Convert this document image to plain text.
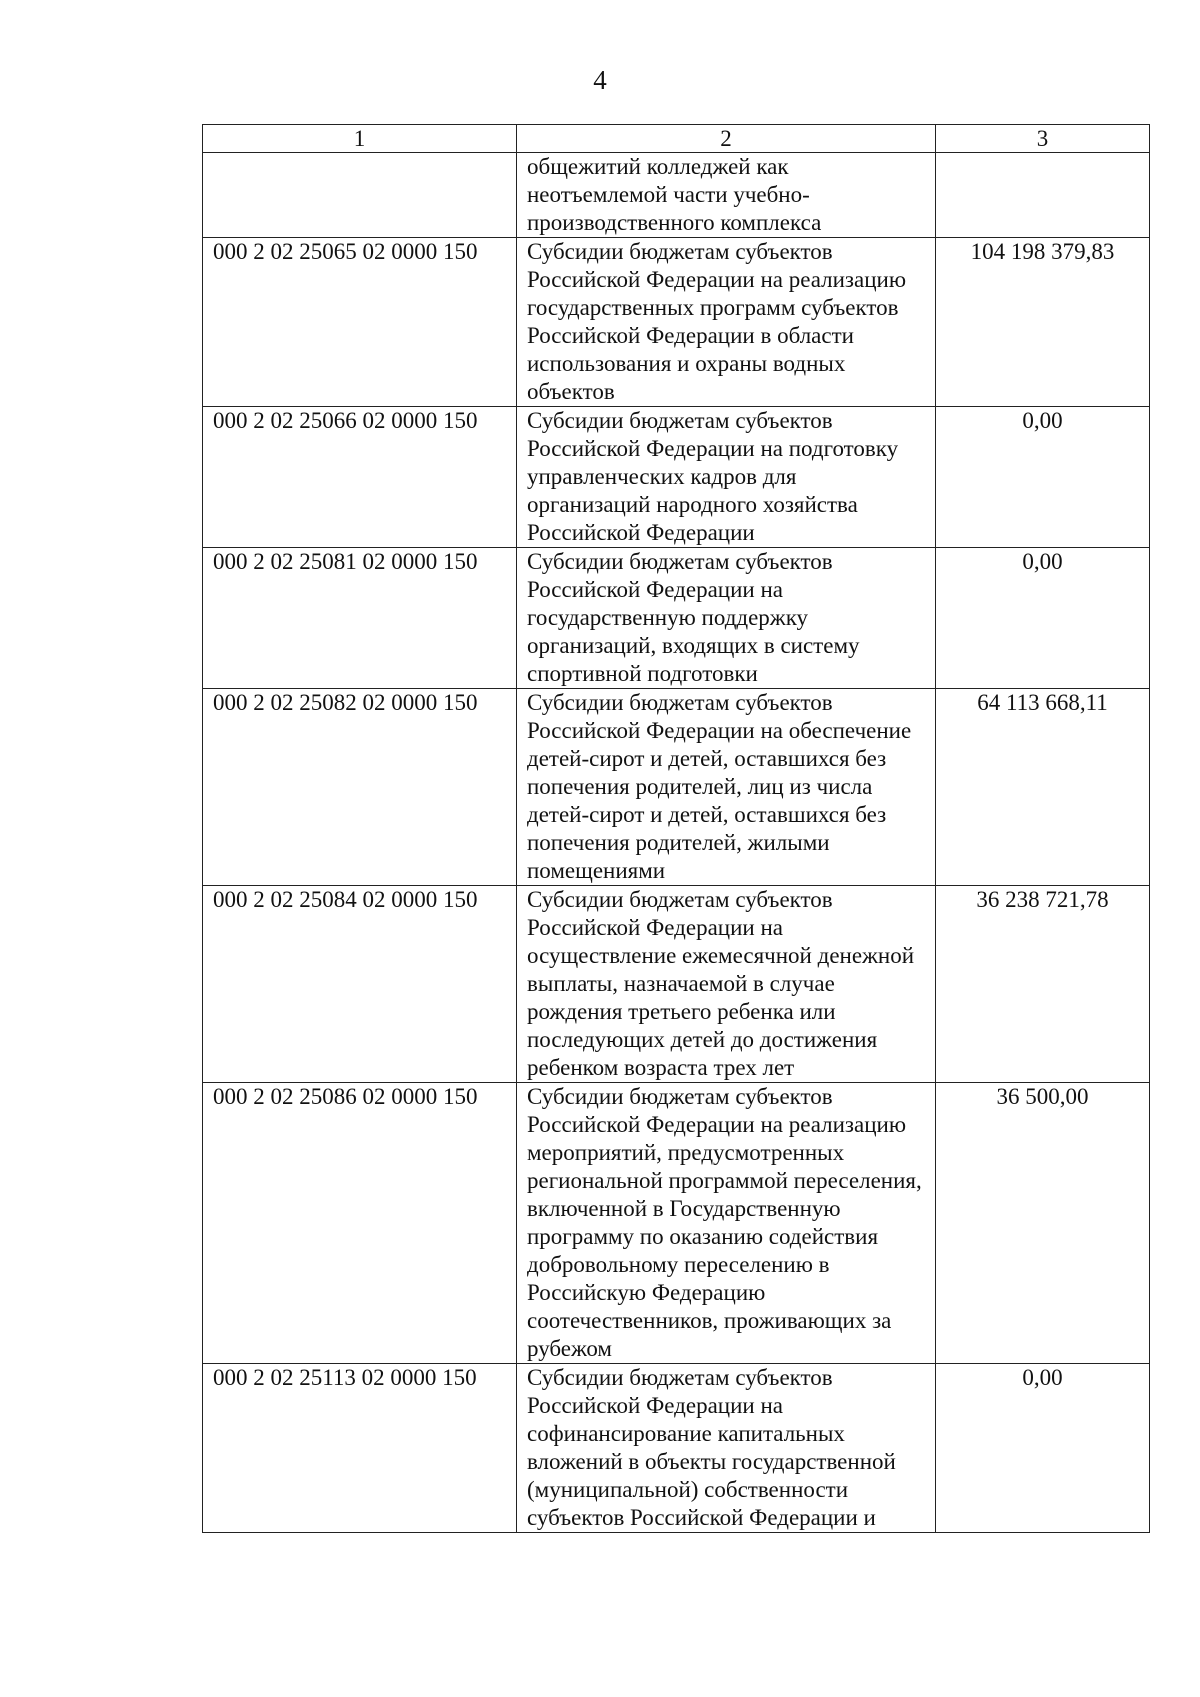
4
1	2	3
	общежитий колледжей как неотъемлемой части учебно-производственного комплекса	
000 2 02 25065 02 0000 150	Субсидии бюджетам субъектов Российской Федерации на реализацию государственных программ субъектов Российской Федерации в области использования и охраны водных объектов	104 198 379,83
000 2 02 25066 02 0000 150	Субсидии бюджетам субъектов Российской Федерации на подготовку управленческих кадров для организаций народного хозяйства Российской Федерации	0,00
000 2 02 25081 02 0000 150	Субсидии бюджетам субъектов Российской Федерации на государственную поддержку организаций, входящих в систему спортивной подготовки	0,00
000 2 02 25082 02 0000 150	Субсидии бюджетам субъектов Российской Федерации на обеспечение детей-сирот и детей, оставшихся без попечения родителей, лиц из числа детей-сирот и детей, оставшихся без попечения родителей, жилыми помещениями	64 113 668,11
000 2 02 25084 02 0000 150	Субсидии бюджетам субъектов Российской Федерации на осуществление ежемесячной денежной выплаты, назначаемой в случае рождения третьего ребенка или последующих детей до достижения ребенком возраста трех лет	36 238 721,78
000 2 02 25086 02 0000 150	Субсидии бюджетам субъектов Российской Федерации на реализацию мероприятий, предусмотренных региональной программой переселения, включенной в Государственную программу по оказанию содействия добровольному переселению в Российскую Федерацию соотечественников, проживающих за рубежом	36 500,00
000 2 02 25113 02 0000 150	Субсидии бюджетам субъектов Российской Федерации на софинансирование капитальных вложений в объекты государственной (муниципальной) собственности субъектов Российской Федерации и	0,00
